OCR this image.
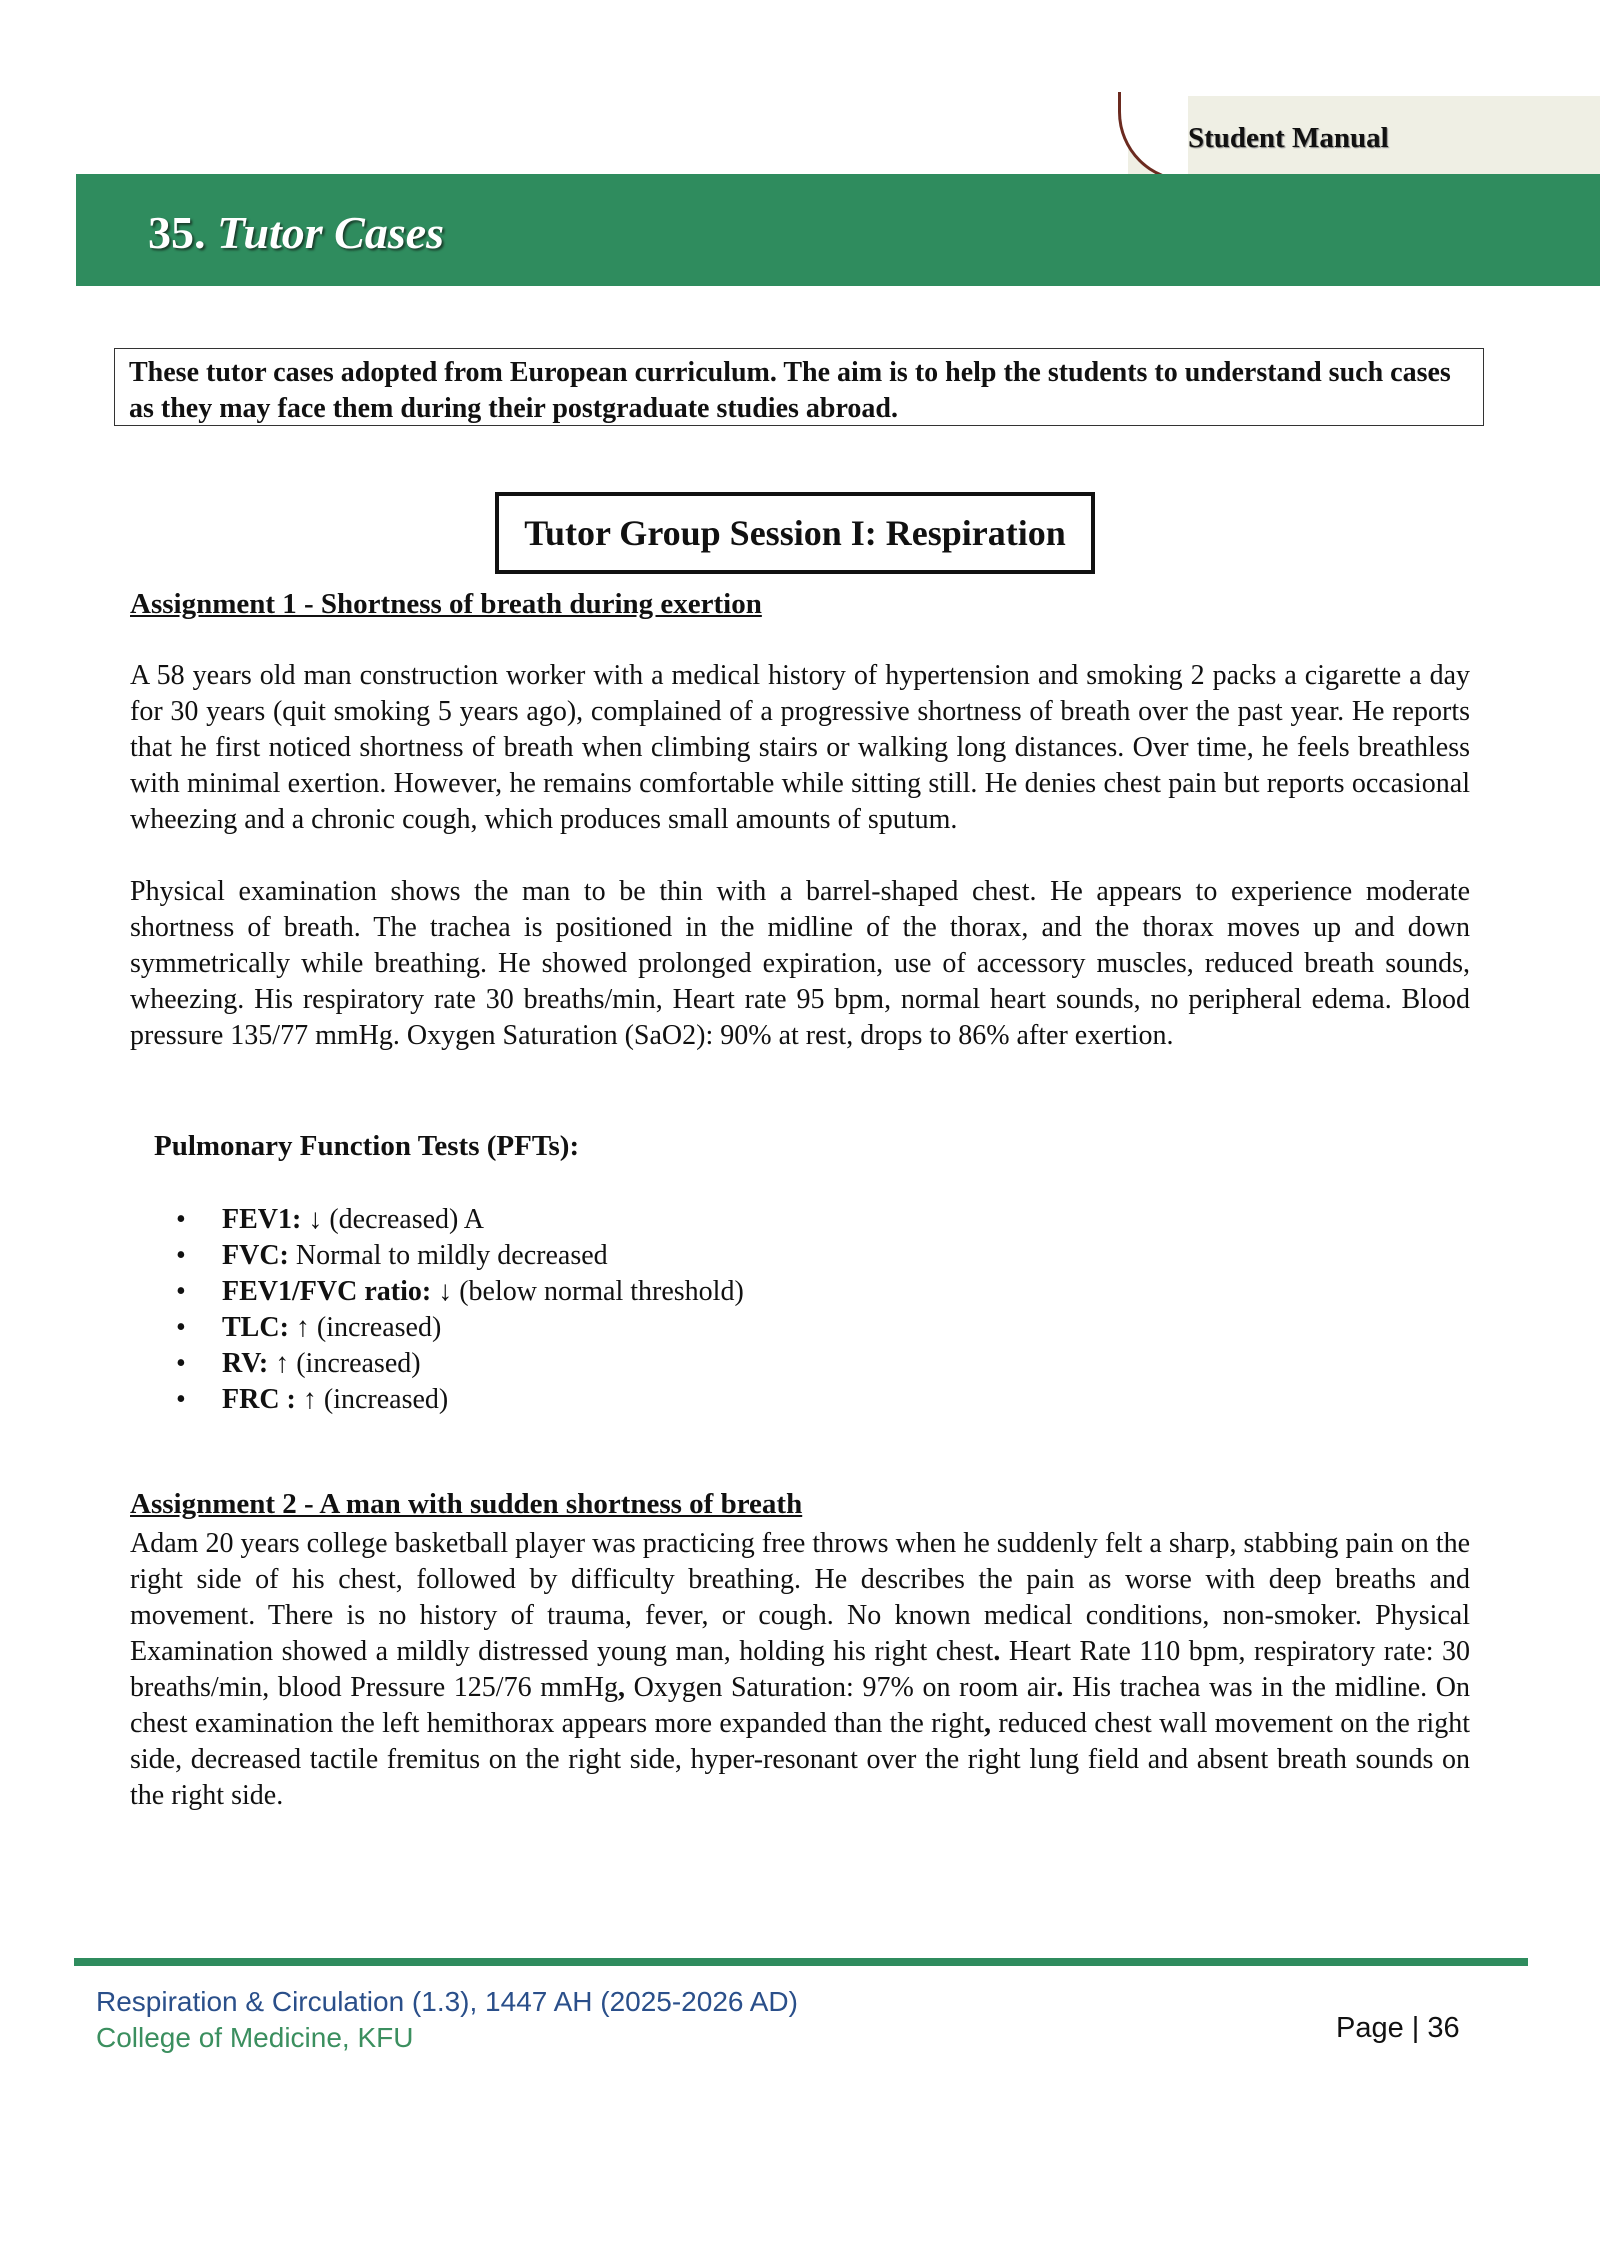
Student Manual
35. Tutor Cases
These tutor cases adopted from European curriculum. The aim is to help the students to understand such cases as they may face them during their postgraduate studies abroad.
Tutor Group Session I: Respiration
Assignment 1 - Shortness of breath during exertion

A 58 years old man construction worker with a medical history of hypertension and smoking 2 packs a cigarette a day for 30 years (quit smoking 5 years ago), complained of a progressive shortness of breath over the past year. He reports that he first noticed shortness of breath when climbing stairs or walking long distances. Over time, he feels breathless with minimal exertion. However, he remains comfortable while sitting still. He denies chest pain but reports occasional wheezing and a chronic cough, which produces small amounts of sputum.

Physical examination shows the man to be thin with a barrel-shaped chest. He appears to experience moderate shortness of breath. The trachea is positioned in the midline of the thorax, and the thorax moves up and down symmetrically while breathing. He showed prolonged expiration, use of accessory muscles, reduced breath sounds, wheezing. His respiratory rate 30 breaths/min, Heart rate 95 bpm, normal heart sounds, no peripheral edema. Blood pressure 135/77 mmHg. Oxygen Saturation (SaO2): 90% at rest, drops to 86% after exertion.

Pulmonary Function Tests (PFTs):
• FEV1: ↓ (decreased) A
• FVC: Normal to mildly decreased
• FEV1/FVC ratio: ↓ (below normal threshold)
• TLC: ↑ (increased)
• RV: ↑ (increased)
• FRC : ↑ (increased)
Assignment 2 - A man with sudden shortness of breath

Adam 20 years college basketball player was practicing free throws when he suddenly felt a sharp, stabbing pain on the right side of his chest, followed by difficulty breathing. He describes the pain as worse with deep breaths and movement. There is no history of trauma, fever, or cough. No known medical conditions, non-smoker. Physical Examination showed a mildly distressed young man, holding his right chest. Heart Rate 110 bpm, respiratory rate: 30 breaths/min, blood Pressure 125/76 mmHg, Oxygen Saturation: 97% on room air. His trachea was in the midline. On chest examination the left hemithorax appears more expanded than the right, reduced chest wall movement on the right side, decreased tactile fremitus on the right side, hyper-resonant over the right lung field and absent breath sounds on the right side.

Respiration & Circulation (1.3), 1447 AH (2025-2026 AD)
College of Medicine, KFU	Page | 36
